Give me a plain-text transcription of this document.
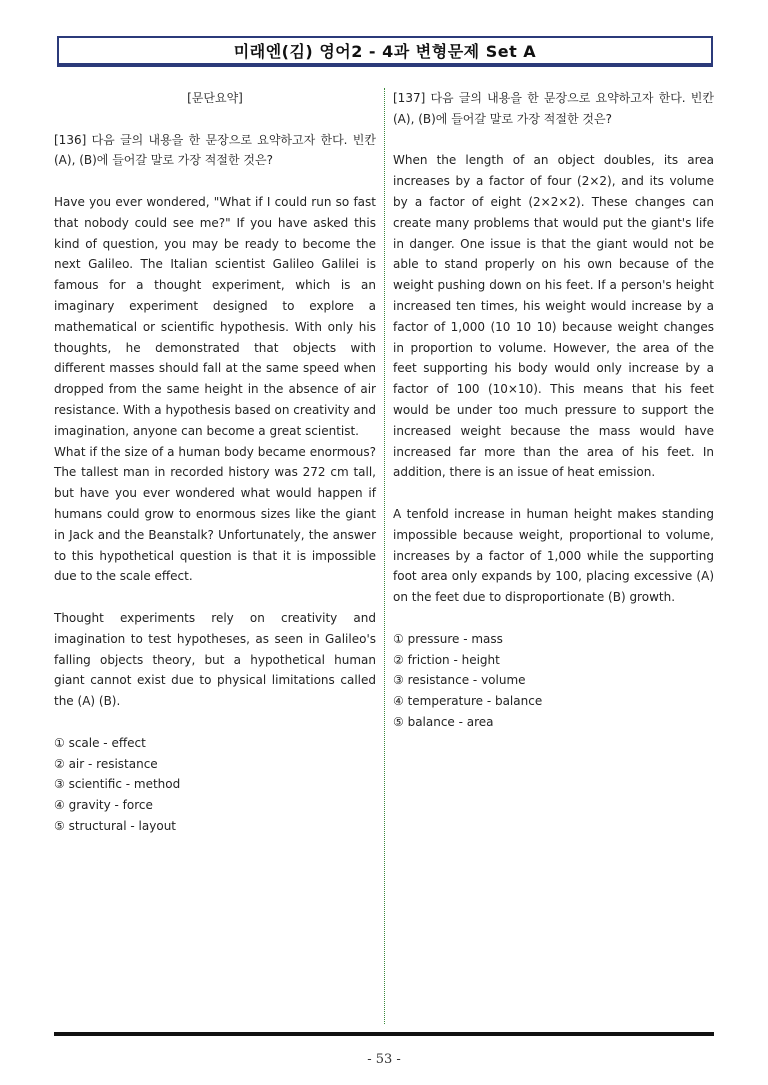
미래엔(김) 영어2 - 4과 변형문제 Set A

[문단요약]

[136] 다음 글의 내용을 한 문장으로 요약하고자 한다. 빈칸 (A), (B)에 들어갈 말로 가장 적절한 것은?

Have you ever wondered, "What if I could run so fast that nobody could see me?" If you have asked this kind of question, you may be ready to become the next Galileo. The Italian scientist Galileo Galilei is famous for a thought experiment, which is an imaginary experiment designed to explore a mathematical or scientific hypothesis. With only his thoughts, he demonstrated that objects with different masses should fall at the same speed when dropped from the same height in the absence of air resistance. With a hypothesis based on creativity and imagination, anyone can become a great scientist.

What if the size of a human body became enormous? The tallest man in recorded history was 272 cm tall, but have you ever wondered what would happen if humans could grow to enormous sizes like the giant in Jack and the Beanstalk? Unfortunately, the answer to this hypothetical question is that it is impossible due to the scale effect.

Thought experiments rely on creativity and imagination to test hypotheses, as seen in Galileo's falling objects theory, but a hypothetical human giant cannot exist due to physical limitations called the (A) (B).

① scale - effect

② air - resistance

③ scientific - method

④ gravity - force

⑤ structural - layout

[137] 다음 글의 내용을 한 문장으로 요약하고자 한다. 빈칸 (A), (B)에 들어갈 말로 가장 적절한 것은?

When the length of an object doubles, its area increases by a factor of four (2×2), and its volume by a factor of eight (2×2×2). These changes can create many problems that would put the giant's life in danger. One issue is that the giant would not be able to stand properly on his own because of the weight pushing down on his feet. If a person's height increased ten times, his weight would increase by a factor of 1,000 (10 10 10) because weight changes in proportion to volume. However, the area of the feet supporting his body would only increase by a factor of 100 (10×10). This means that his feet would be under too much pressure to support the increased weight because the mass would have increased far more than the area of his feet. In addition, there is an issue of heat emission.

A tenfold increase in human height makes standing impossible because weight, proportional to volume, increases by a factor of 1,000 while the supporting foot area only expands by 100, placing excessive (A) on the feet due to disproportionate (B) growth.

① pressure - mass

② friction - height

③ resistance - volume

④ temperature - balance

⑤ balance - area

- 53 -
